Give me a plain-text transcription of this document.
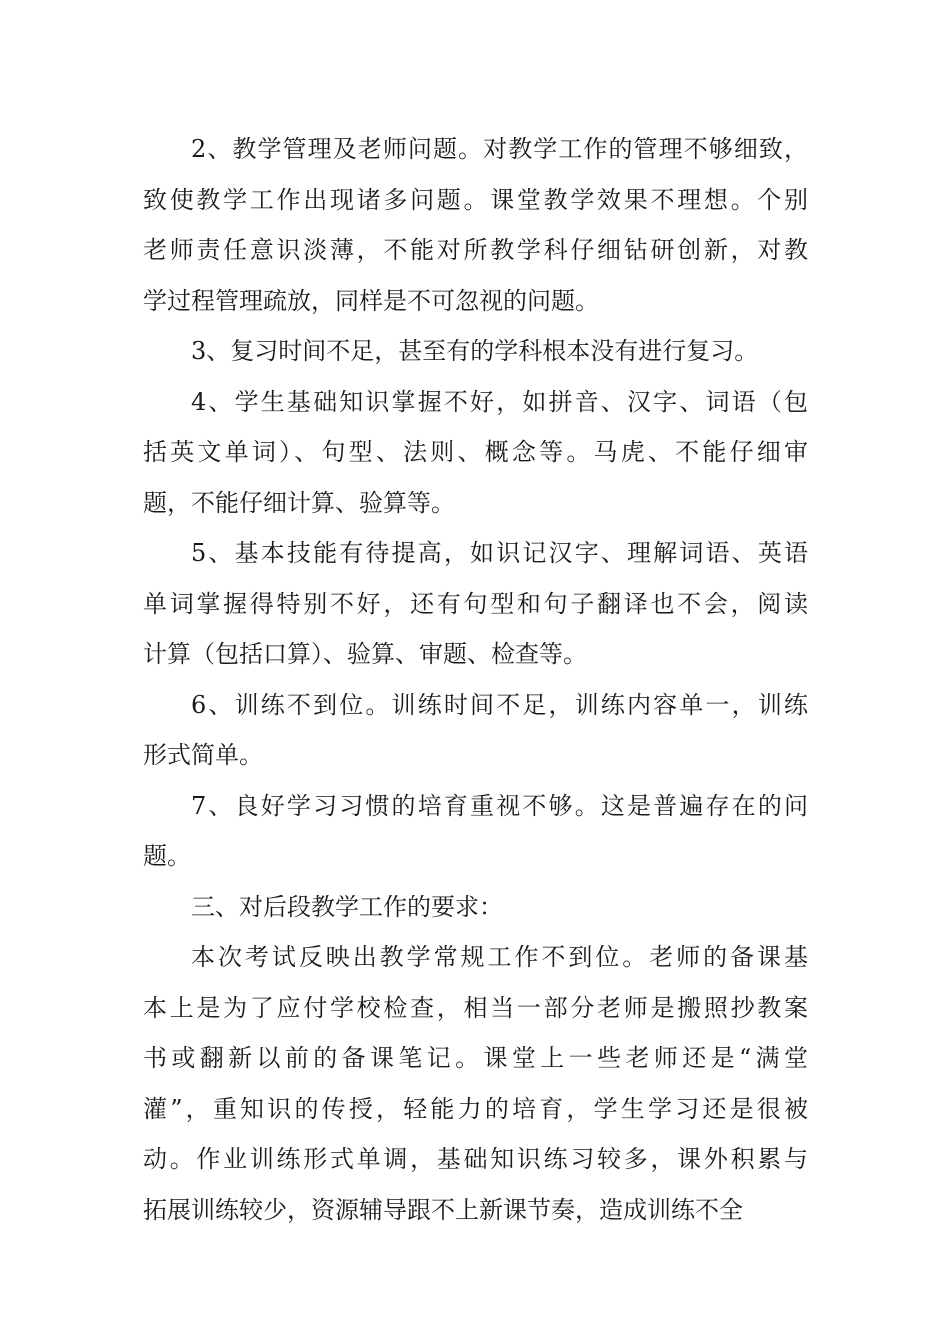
2、教学管理及老师问题。对教学工作的管理不够细致，
致使教学工作出现诸多问题。课堂教学效果不理想。个别
老师责任意识淡薄，不能对所教学科仔细钻研创新，对教
学过程管理疏放，同样是不可忽视的问题。

3、复习时间不足，甚至有的学科根本没有进行复习。

4、学生基础知识掌握不好，如拼音、汉字、词语（包
括英文单词）、句型、法则、概念等。马虎、不能仔细审
题，不能仔细计算、验算等。

5、基本技能有待提高，如识记汉字、理解词语、英语
单词掌握得特别不好，还有句型和句子翻译也不会，阅读
计算（包括口算）、验算、审题、检查等。

6、训练不到位。训练时间不足，训练内容单一，训练
形式简单。

7、良好学习习惯的培育重视不够。这是普遍存在的问
题。

三、对后段教学工作的要求：

本次考试反映出教学常规工作不到位。老师的备课基
本上是为了应付学校检查，相当一部分老师是搬照抄教案
书或翻新以前的备课笔记。课堂上一些老师还是“满堂
灌”，重知识的传授，轻能力的培育，学生学习还是很被
动。作业训练形式单调，基础知识练习较多，课外积累与
拓展训练较少，资源辅导跟不上新课节奏，造成训练不全
